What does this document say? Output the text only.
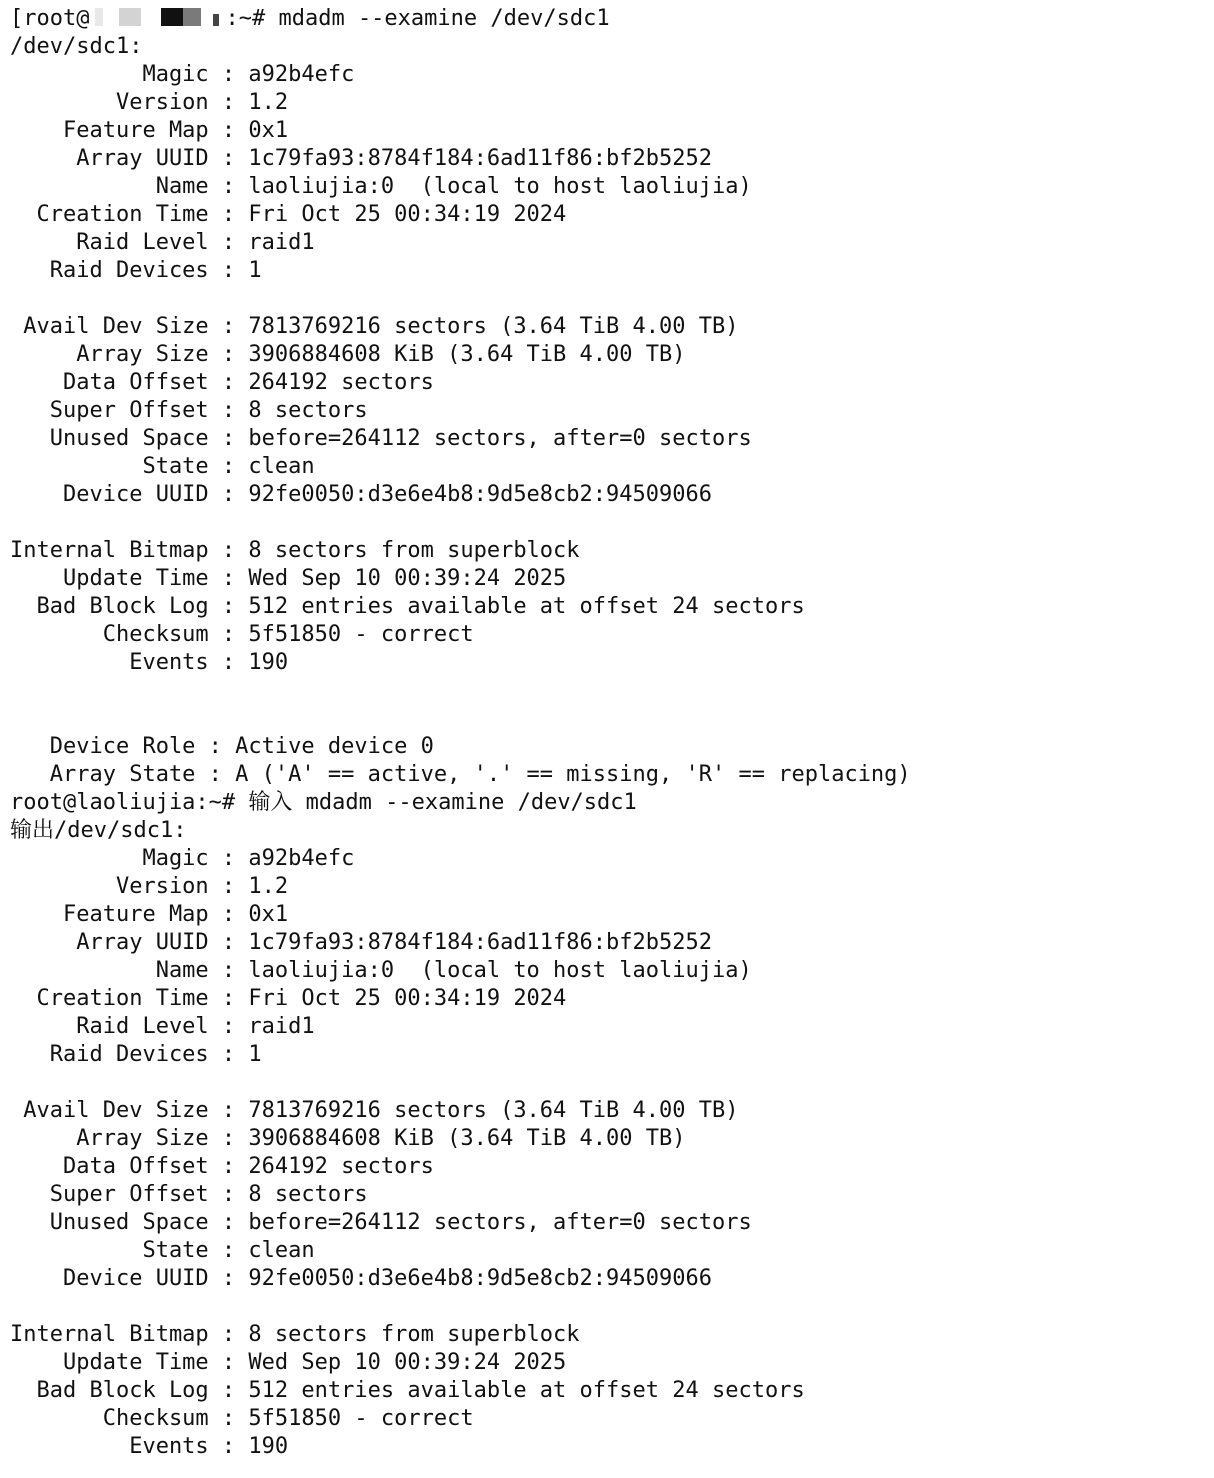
[root@	:~# mdadm --examine /dev/sdc1
/dev/sdc1:
Magic : a92b4efc
Version : 1.2
Feature Map : 0x1
Array UUID : 1c79fa93:8784f184:6ad11f86:bf2b5252
Name : laoliujia:0  (local to host laoliujia)
Creation Time : Fri Oct 25 00:34:19 2024
Raid Level : raid1
Raid Devices : 1
Avail Dev Size : 7813769216 sectors (3.64 TiB 4.00 TB)
Array Size : 3906884608 KiB (3.64 TiB 4.00 TB)
Data Offset : 264192 sectors
Super Offset : 8 sectors
Unused Space : before=264112 sectors, after=0 sectors
State : clean
Device UUID : 92fe0050:d3e6e4b8:9d5e8cb2:94509066
Internal Bitmap : 8 sectors from superblock
Update Time : Wed Sep 10 00:39:24 2025
Bad Block Log : 512 entries available at offset 24 sectors
Checksum : 5f51850 - correct
Events : 190
Device Role : Active device 0
Array State : A ('A' == active, '.' == missing, 'R' == replacing)
root@laoliujia:~# 输入 mdadm --examine /dev/sdc1
输出/dev/sdc1:
Magic : a92b4efc
Version : 1.2
Feature Map : 0x1
Array UUID : 1c79fa93:8784f184:6ad11f86:bf2b5252
Name : laoliujia:0  (local to host laoliujia)
Creation Time : Fri Oct 25 00:34:19 2024
Raid Level : raid1
Raid Devices : 1
Avail Dev Size : 7813769216 sectors (3.64 TiB 4.00 TB)
Array Size : 3906884608 KiB (3.64 TiB 4.00 TB)
Data Offset : 264192 sectors
Super Offset : 8 sectors
Unused Space : before=264112 sectors, after=0 sectors
State : clean
Device UUID : 92fe0050:d3e6e4b8:9d5e8cb2:94509066
Internal Bitmap : 8 sectors from superblock
Update Time : Wed Sep 10 00:39:24 2025
Bad Block Log : 512 entries available at offset 24 sectors
Checksum : 5f51850 - correct
Events : 190
